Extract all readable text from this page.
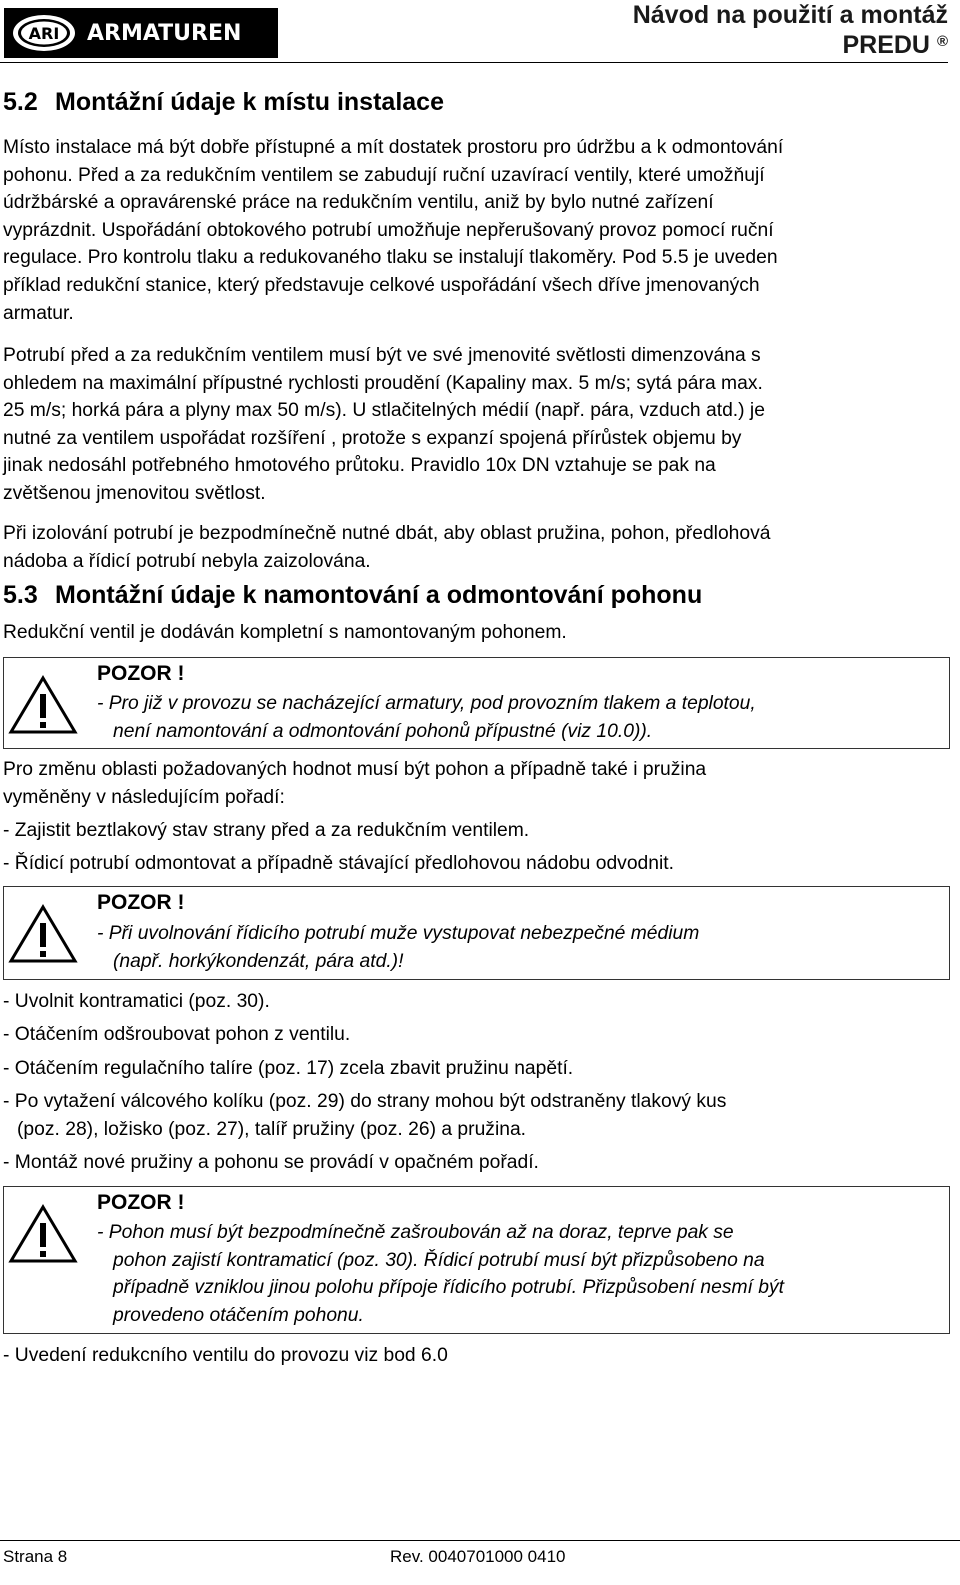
ARI ARMATUREN
Návod na použití a montáž
PREDU ®
5.2 Montážní údaje k místu instalace
Místo instalace má být dobře přístupné a mít dostatek prostoru pro údržbu a k odmontování
pohonu. Před a za redukčním ventilem se zabudují ruční uzavírací ventily, které umožňují
údržbárské a opravárenské práce na redukčním ventilu, aniž by bylo nutné zařízení
vyprázdnit. Uspořádání obtokového potrubí umožňuje nepřerušovaný provoz pomocí ruční
regulace. Pro kontrolu tlaku a redukovaného tlaku se instalují tlakoměry. Pod 5.5 je uveden
příklad redukční stanice, který představuje celkové uspořádání všech dříve jmenovaných
armatur.
Potrubí před a za redukčním ventilem musí být ve své jmenovité světlosti dimenzována s
ohledem na maximální přípustné rychlosti proudění (Kapaliny max. 5 m/s; sytá pára max.
25 m/s; horká pára a plyny max 50 m/s). U stlačitelných médií (např. pára, vzduch atd.) je
nutné za ventilem uspořádat rozšíření , protože s expanzí spojená přírůstek objemu by
jinak nedosáhl potřebného hmotového průtoku. Pravidlo 10x DN vztahuje se pak na
zvětšenou jmenovitou světlost.
Při izolování potrubí je bezpodmínečně nutné dbát, aby oblast pružina, pohon, předlohová
nádoba a řídicí potrubí nebyla zaizolována.
5.3 Montážní údaje k namontování a odmontování pohonu
Redukční ventil je dodáván kompletní s namontovaným pohonem.
POZOR !
- Pro již v provozu se nacházející armatury, pod provozním tlakem a teplotou,
není namontování a odmontování pohonů přípustné (viz 10.0)).
Pro změnu oblasti požadovaných hodnot musí být pohon a případně také i pružina
vyměněny v následujícím pořadí:
- Zajistit beztlakový stav strany před a za redukčním ventilem.
- Řídicí potrubí odmontovat a případně stávající předlohovou nádobu odvodnit.
POZOR !
- Při uvolnování řídicího potrubí muže vystupovat nebezpečné médium
(např. horkýkondenzát, pára atd.)!
- Uvolnit kontramatici (poz. 30).
- Otáčením odšroubovat pohon z ventilu.
- Otáčením regulačního talíre (poz. 17) zcela zbavit pružinu napětí.
- Po vytažení válcového kolíku (poz. 29) do strany mohou být odstraněny tlakový kus
(poz. 28), ložisko (poz. 27), talíř pružiny (poz. 26) a pružina.
- Montáž nové pružiny a pohonu se provádí v opačném pořadí.
POZOR !
- Pohon musí být bezpodmínečně zašroubován až na doraz, teprve pak se
pohon zajistí kontramaticí (poz. 30). Řídicí potrubí musí být přizpůsobeno na
případně vzniklou jinou polohu přípoje řídicího potrubí. Přizpůsobení nesmí být
provedeno otáčením pohonu.
- Uvedení redukcního ventilu do provozu viz bod 6.0
Strana 8	Rev. 0040701000 0410
